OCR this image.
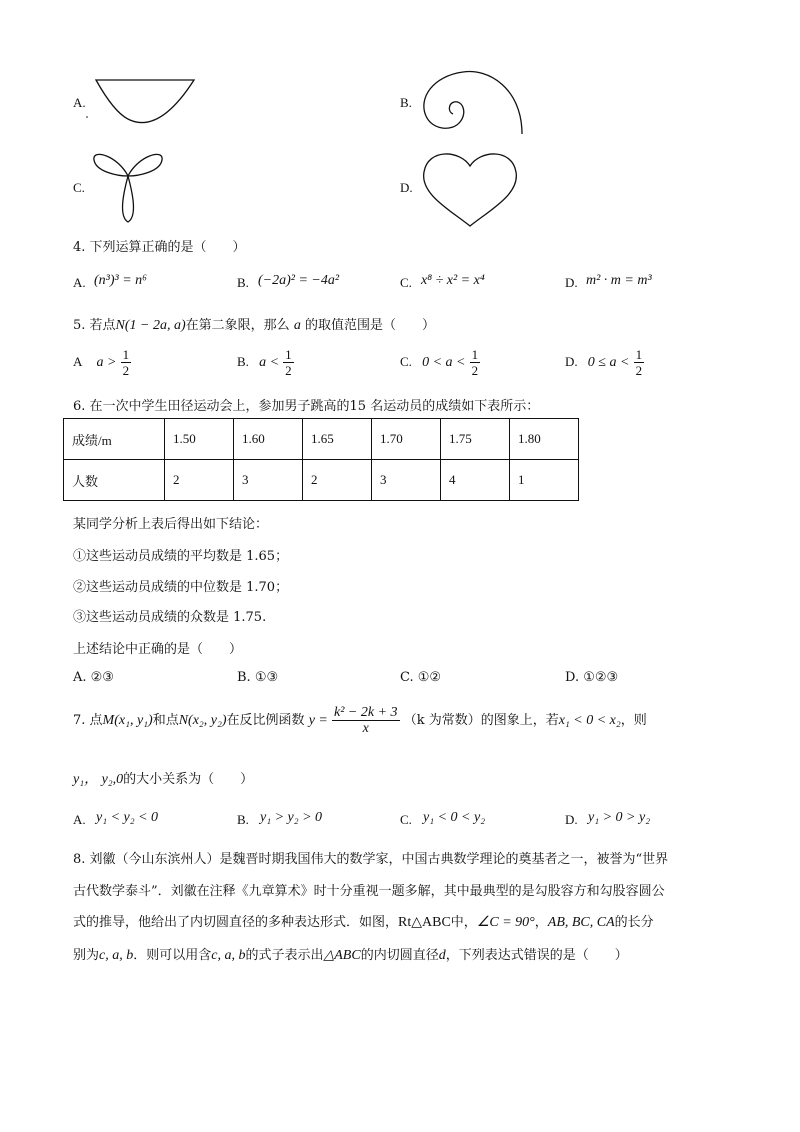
A.	B.
C.	D.
4. 下列运算正确的是（　　）
A. (n³)³ = n⁶	B. (−2a)² = −4a²	C. x⁸ ÷ x² = x⁴	D. m² · m = m³
5. 若点N(1 − 2a, a)在第二象限，那么 a 的取值范围是（　　）
A $a > \frac{1}{2}$	B. $a < \frac{1}{2}$	C. $0 < a < \frac{1}{2}$	D. $0 \le a < \frac{1}{2}$
6. 在一次中学生田径运动会上，参加男子跳高的15 名运动员的成绩如下表所示：
成绩/m	1.50	1.60	1.65	1.70	1.75	1.80
人数	2	3	2	3	4	1
某同学分析上表后得出如下结论：
①这些运动员成绩的平均数是 1.65；
②这些运动员成绩的中位数是 1.70；
③这些运动员成绩的众数是 1.75.
上述结论中正确的是（　　）
A. ②③	B. ①③	C. ①②	D. ①②③
7. 点M(x₁, y₁)和点N(x₂, y₂)在反比例函数 $y = \frac{\text{k² − 2k + 3}}{x} (k$ 为常数）的图象上，若x₁ < 0 < x₂，则
y₁， y₂,0的大小关系为（　　）
A. y₁ < y₂ < 0	B. y₁ > y₂ > 0	C. y₁ < 0 < y₂	D. y₁ > 0 > y₂
8. 刘徽（今山东滨州人）是魏晋时期我国伟大的数学家，中国古典数学理论的奠基者之一，被誉为“世界
古代数学泰斗”．刘徽在注释《九章算术》时十分重视一题多解，其中最典型的是勾股容方和勾股容圆公
式的推导，他给出了内切圆直径的多种表达形式．如图，Rt△ABC中，∠C = 90°，AB, BC, CA的长分
别为c, a, b．则可以用含c, a, b的式子表示出△ABC的内切圆直径d，下列表达式错误的是（　　）
